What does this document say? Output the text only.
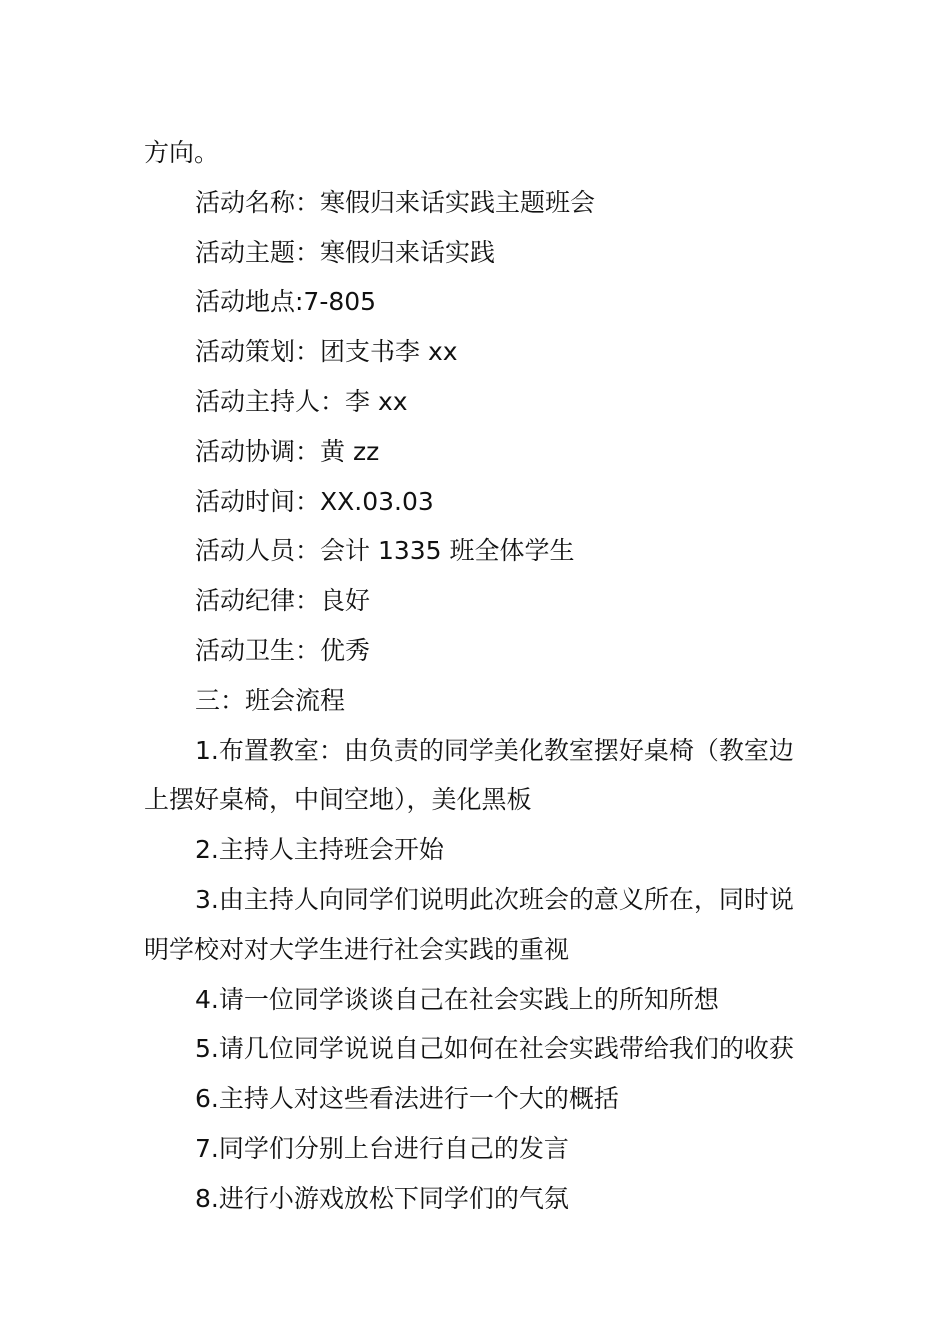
方向。

活动名称：寒假归来话实践主题班会

活动主题：寒假归来话实践

活动地点:7-805

活动策划：团支书李 xx

活动主持人：李 xx

活动协调：黄 zz

活动时间：XX.03.03

活动人员：会计 1335 班全体学生

活动纪律：良好

活动卫生：优秀

三：班会流程

1.布置教室：由负责的同学美化教室摆好桌椅（教室边上摆好桌椅，中间空地），美化黑板

2.主持人主持班会开始

3.由主持人向同学们说明此次班会的意义所在，同时说明学校对对大学生进行社会实践的重视

4.请一位同学谈谈自己在社会实践上的所知所想

5.请几位同学说说自己如何在社会实践带给我们的收获

6.主持人对这些看法进行一个大的概括

7.同学们分别上台进行自己的发言

8.进行小游戏放松下同学们的气氛
